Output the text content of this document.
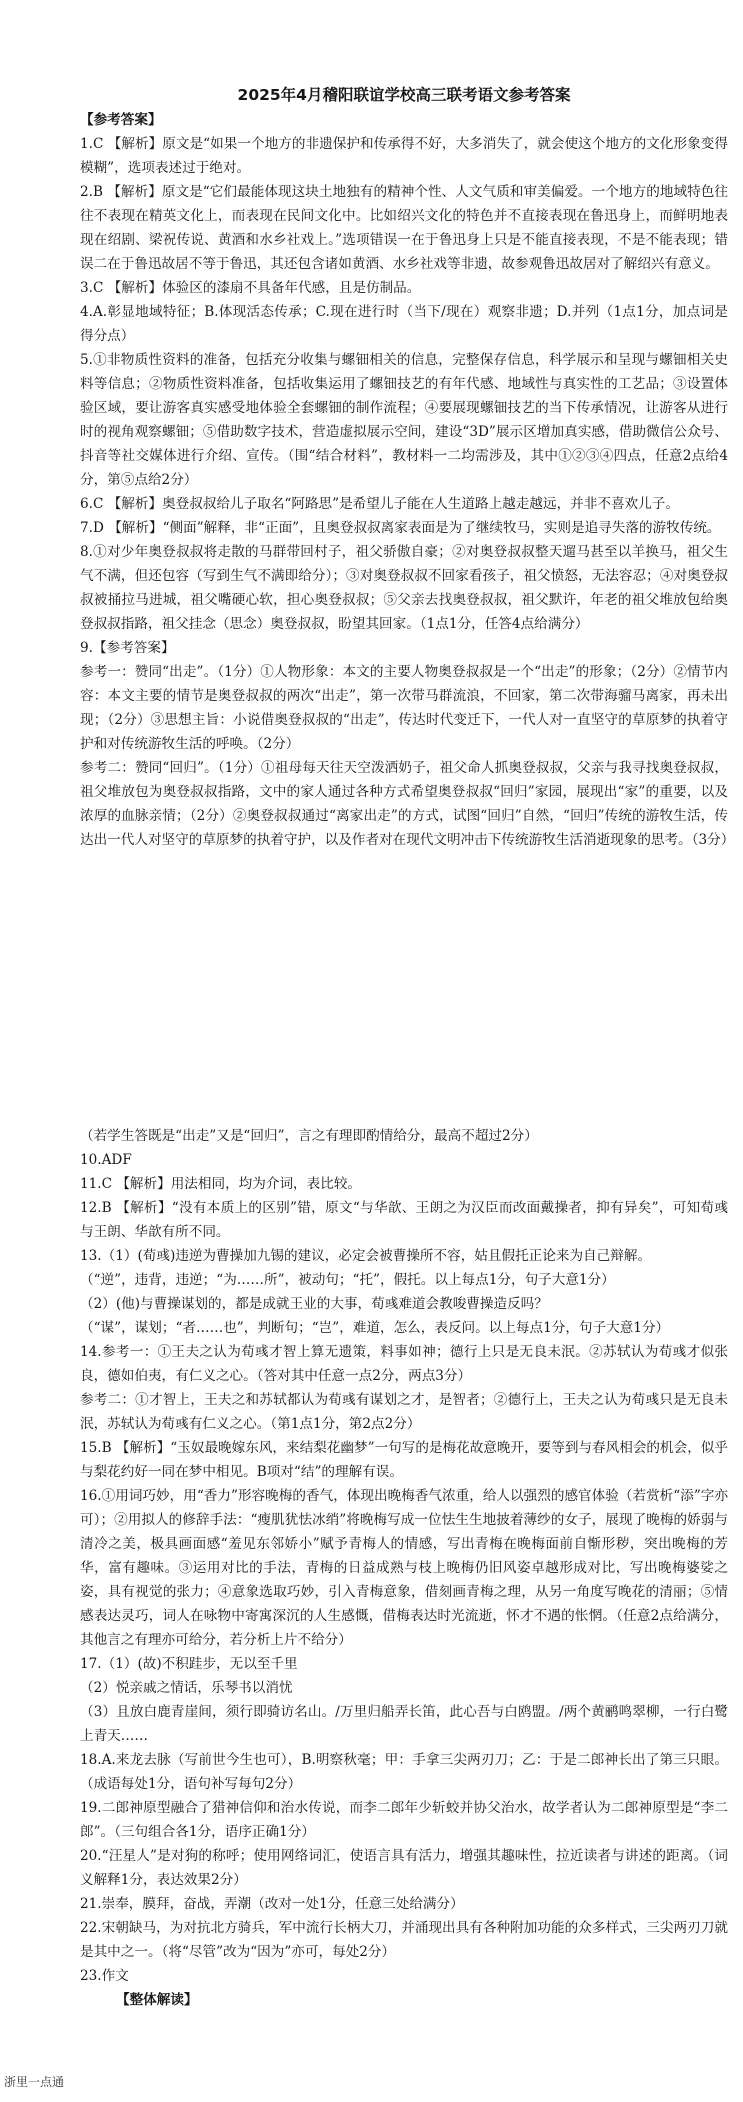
2025年4月稽阳联谊学校高三联考语文参考答案

【参考答案】

1.C 【解析】原文是“如果一个地方的非遗保护和传承得不好，大多消失了，就会使这个地方的文化形象变得模糊”，选项表述过于绝对。

2.B 【解析】原文是“它们最能体现这块土地独有的精神个性、人文气质和审美偏爱。一个地方的地域特色往往不表现在精英文化上，而表现在民间文化中。比如绍兴文化的特色并不直接表现在鲁迅身上，而鲜明地表现在绍剧、梁祝传说、黄酒和水乡社戏上。”选项错误一在于鲁迅身上只是不能直接表现，不是不能表现；错误二在于鲁迅故居不等于鲁迅，其还包含诸如黄酒、水乡社戏等非遗，故参观鲁迅故居对了解绍兴有意义。

3.C 【解析】体验区的漆扇不具备年代感，且是仿制品。

4.A.彰显地域特征；B.体现活态传承；C.现在进行时（当下/现在）观察非遗；D.并列（1点1分，加点词是得分点）

5.①非物质性资料的准备，包括充分收集与螺钿相关的信息，完整保存信息，科学展示和呈现与螺钿相关史料等信息；②物质性资料准备，包括收集运用了螺钿技艺的有年代感、地域性与真实性的工艺品；③设置体验区域，要让游客真实感受地体验全套螺钿的制作流程；④要展现螺钿技艺的当下传承情况，让游客从进行时的视角观察螺钿；⑤借助数字技术，营造虚拟展示空间，建设“3D”展示区增加真实感，借助微信公众号、抖音等社交媒体进行介绍、宣传。（围“结合材料”，教材料一二均需涉及，其中①②③④四点，任意2点给4分，第⑤点给2分）

6.C 【解析】奥登叔叔给儿子取名“阿路思”是希望儿子能在人生道路上越走越远，并非不喜欢儿子。

7.D 【解析】“侧面”解释，非“正面”，且奥登叔叔离家表面是为了继续牧马，实则是追寻失落的游牧传统。

8.①对少年奥登叔叔将走散的马群带回村子，祖父骄傲自豪；②对奥登叔叔整天遛马甚至以羊换马，祖父生气不满，但还包容（写到生气不满即给分）；③对奥登叔叔不回家看孩子，祖父愤怒，无法容忍；④对奥登叔叔被捅拉马进城，祖父嘴硬心软，担心奥登叔叔；⑤父亲去找奥登叔叔，祖父默许，年老的祖父堆放包给奥登叔叔指路，祖父挂念（思念）奥登叔叔，盼望其回家。（1点1分，任答4点给满分）

9.【参考答案】

参考一：赞同“出走”。（1分）①人物形象：本文的主要人物奥登叔叔是一个“出走”的形象；（2分）②情节内容：本文主要的情节是奥登叔叔的两次“出走”，第一次带马群流浪，不回家，第二次带海骝马离家，再未出现；（2分）③思想主旨：小说借奥登叔叔的“出走”，传达时代变迁下，一代人对一直坚守的草原梦的执着守护和对传统游牧生活的呼唤。（2分）

参考二：赞同“回归”。（1分）①祖母每天往天空泼洒奶子，祖父命人抓奥登叔叔，父亲与我寻找奥登叔叔，祖父堆放包为奥登叔叔指路，文中的家人通过各种方式希望奥登叔叔“回归”家园，展现出“家”的重要，以及浓厚的血脉亲情；（2分）②奥登叔叔通过“离家出走”的方式，试图“回归”自然，“回归”传统的游牧生活，传达出一代人对坚守的草原梦的执着守护，以及作者对在现代文明冲击下传统游牧生活消逝现象的思考。（3分）

（若学生答既是“出走”又是“回归”，言之有理即酌情给分，最高不超过2分）

10.ADF

11.C 【解析】用法相同，均为介词，表比较。

12.B 【解析】“没有本质上的区别”错，原文“与华歆、王朗之为汉臣而改面戴操者，抑有异矣”，可知荀彧与王朗、华歆有所不同。

13.（1）(荀彧)违逆为曹操加九锡的建议，必定会被曹操所不容，姑且假托正论来为自己辩解。

（“逆”，违背，违逆；“为……所”，被动句；“托”，假托。以上每点1分，句子大意1分）

（2）(他)与曹操谋划的，都是成就王业的大事，荀彧难道会教唆曹操造反吗？

（“谋”，谋划；“者……也”，判断句；“岂”，难道，怎么，表反问。以上每点1分，句子大意1分）

14.参考一：①王夫之认为荀彧才智上算无遗策，料事如神；德行上只是无良未泯。②苏轼认为荀彧才似张良，德如伯夷，有仁义之心。（答对其中任意一点2分，两点3分）

参考二：①才智上，王夫之和苏轼都认为荀彧有谋划之才，是智者；②德行上，王夫之认为荀彧只是无良未泯，苏轼认为荀彧有仁义之心。（第1点1分，第2点2分）

15.B 【解析】“玉奴最晚嫁东风，来结梨花幽梦”一句写的是梅花故意晚开，要等到与春风相会的机会，似乎与梨花约好一同在梦中相见。B项对“结”的理解有误。

16.①用词巧妙，用“香力”形容晚梅的香气，体现出晚梅香气浓重，给人以强烈的感官体验（若赏析“添”字亦可）；②用拟人的修辞手法：“瘦肌犹怯冰绡”将晚梅写成一位怯生生地披着薄纱的女子，展现了晚梅的娇弱与清冷之美，极具画面感“羞见东邻娇小”赋予青梅人的情感，写出青梅在晚梅面前自惭形秽，突出晚梅的芳华，富有趣味。③运用对比的手法，青梅的日益成熟与枝上晚梅仍旧风姿卓越形成对比，写出晚梅婆娑之姿，具有视觉的张力；④意象选取巧妙，引入青梅意象，借刻画青梅之理，从另一角度写晚花的清丽；⑤情感表达灵巧，词人在咏物中寄寓深沉的人生感慨，借梅表达时光流逝，怀才不遇的怅惘。（任意2点给满分，其他言之有理亦可给分，若分析上片不给分）

17.（1）(故)不积跬步，无以至千里

（2）悦亲戚之情话，乐琴书以消忧

（3）且放白鹿青崖间，须行即骑访名山。/万里归船弄长笛，此心吾与白鸥盟。/两个黄鹂鸣翠柳，一行白鹭上青天……

18.A.来龙去脉（写前世今生也可），B.明察秋毫；甲：手拿三尖两刃刀；乙：于是二郎神长出了第三只眼。（成语每处1分，语句补写每句2分）

19.二郎神原型融合了猎神信仰和治水传说，而李二郎年少斩蛟并协父治水，故学者认为二郎神原型是“李二郎”。（三句组合各1分，语序正确1分）

20.“汪星人”是对狗的称呼；使用网络词汇，使语言具有活力，增强其趣味性，拉近读者与讲述的距离。（词义解释1分，表达效果2分）

21.崇奉，膜拜，奋战，弄潮（改对一处1分，任意三处给满分）

22.宋朝缺马，为对抗北方骑兵，军中流行长柄大刀，并涌现出具有各种附加功能的众多样式，三尖两刃刀就是其中之一。（将“尽管”改为“因为”亦可，每处2分）

23.作文

【整体解读】

浙里一点通
